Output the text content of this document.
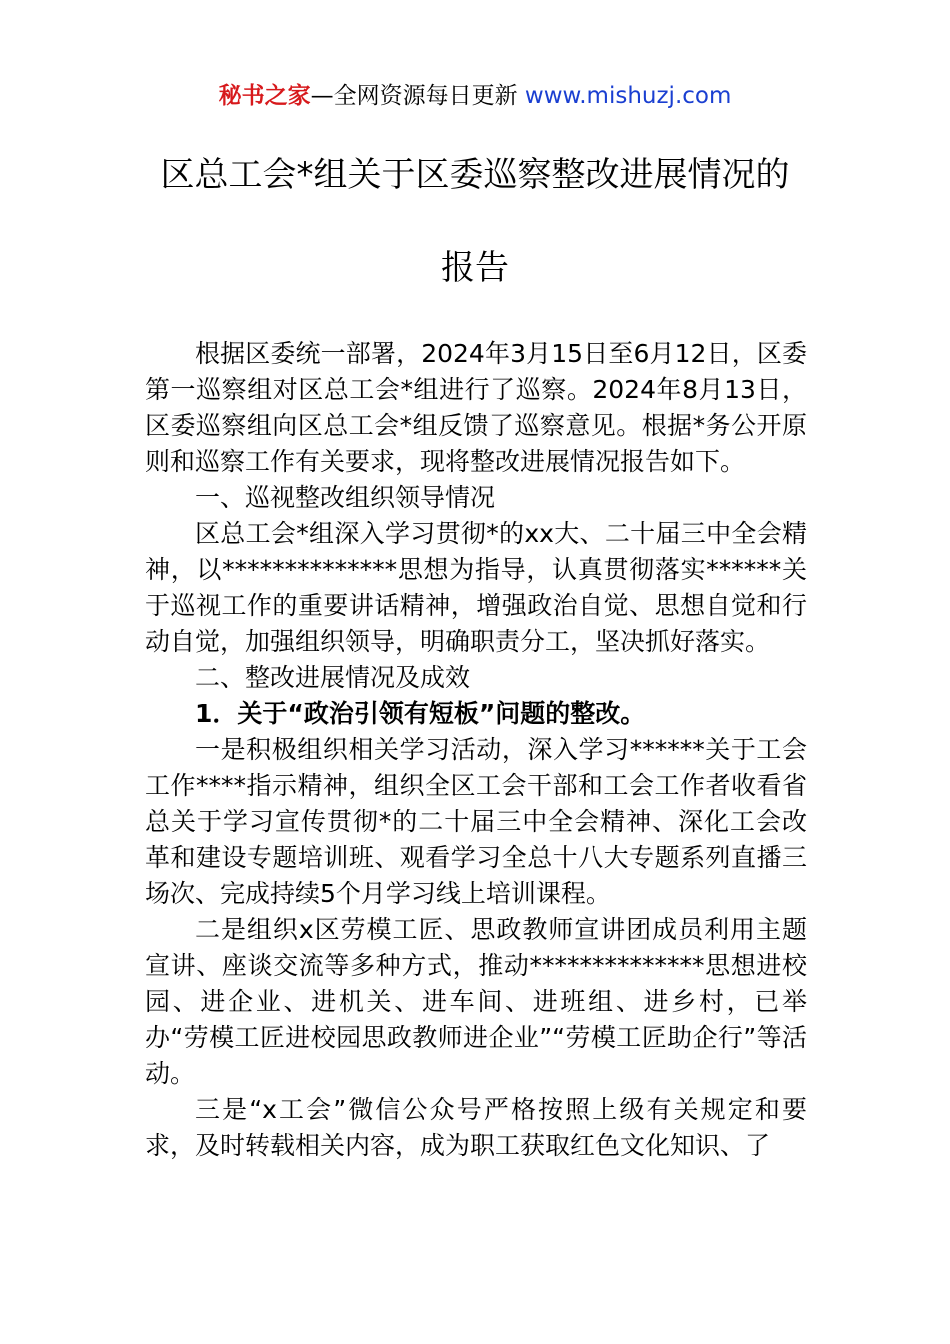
秘书之家—全网资源每日更新 www.mishuzj.com
区总工会*组关于区委巡察整改进展情况的
报告

根据区委统一部署，2024年3月15日至6月12日，区委第一巡察组对区总工会*组进行了巡察。2024年8月13日，区委巡察组向区总工会*组反馈了巡察意见。根据*务公开原则和巡察工作有关要求，现将整改进展情况报告如下。

一、巡视整改组织领导情况

区总工会*组深入学习贯彻*的xx大、二十届三中全会精神，以**************思想为指导，认真贯彻落实******关于巡视工作的重要讲话精神，增强政治自觉、思想自觉和行动自觉，加强组织领导，明确职责分工，坚决抓好落实。

二、整改进展情况及成效

1．关于“政治引领有短板”问题的整改。

一是积极组织相关学习活动，深入学习******关于工会工作****指示精神，组织全区工会干部和工会工作者收看省总关于学习宣传贯彻*的二十届三中全会精神、深化工会改革和建设专题培训班、观看学习全总十八大专题系列直播三场次、完成持续5个月学习线上培训课程。

二是组织x区劳模工匠、思政教师宣讲团成员利用主题宣讲、座谈交流等多种方式，推动**************思想进校园、进企业、进机关、进车间、进班组、进乡村，已举办“劳模工匠进校园思政教师进企业”“劳模工匠助企行”等活动。

三是“x工会”微信公众号严格按照上级有关规定和要求，及时转载相关内容，成为职工获取红色文化知识、了
